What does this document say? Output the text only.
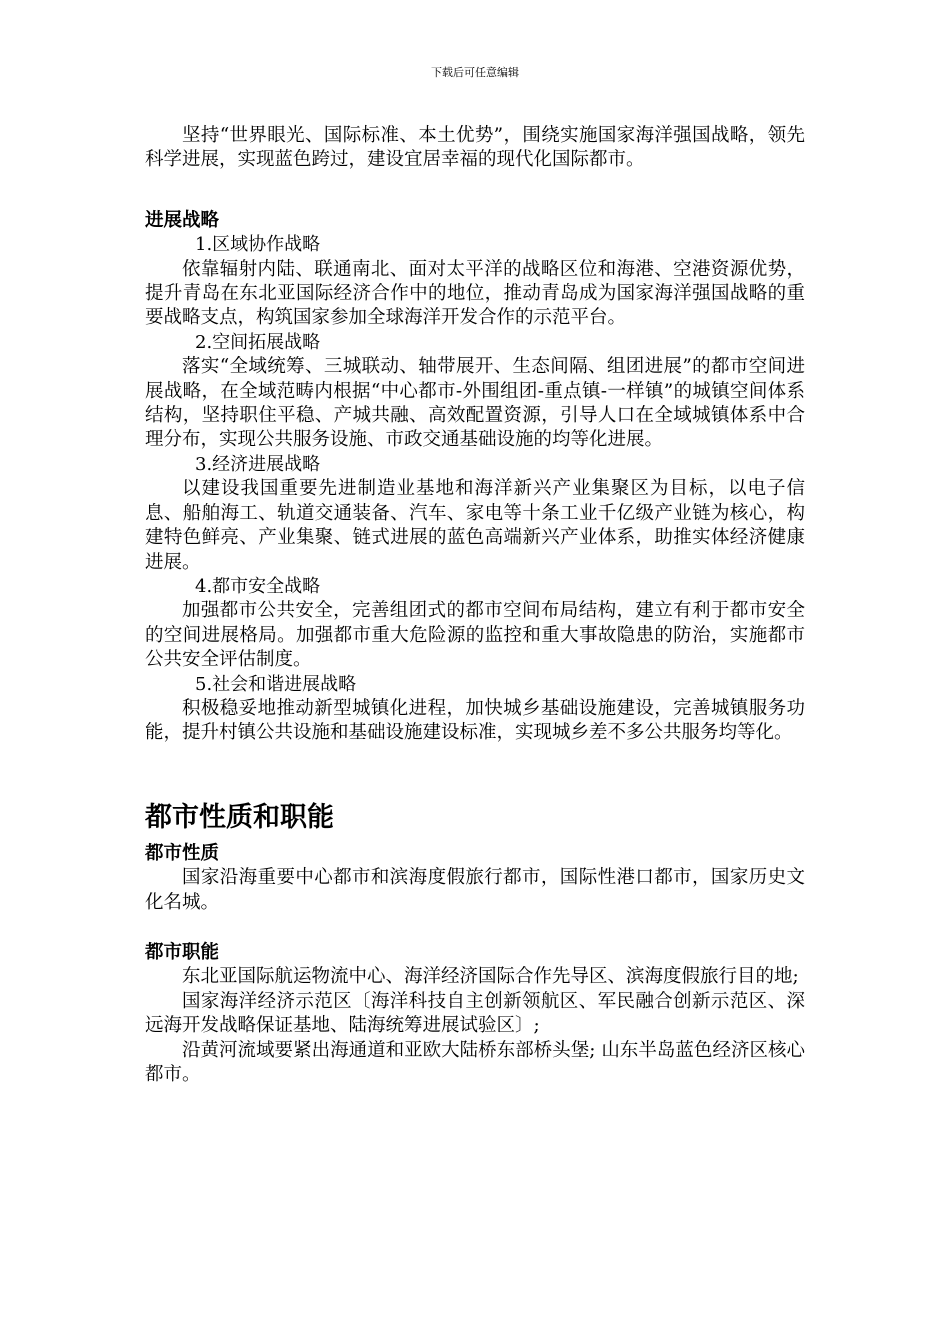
下载后可任意编辑

坚持“世界眼光、国际标准、本土优势”，围绕实施国家海洋强国战略，领先科学进展，实现蓝色跨过，建设宜居幸福的现代化国际都市。

进展战略

1.区域协作战略

依靠辐射内陆、联通南北、面对太平洋的战略区位和海港、空港资源优势，提升青岛在东北亚国际经济合作中的地位，推动青岛成为国家海洋强国战略的重要战略支点，构筑国家参加全球海洋开发合作的示范平台。

2.空间拓展战略

落实“全域统筹、三城联动、轴带展开、生态间隔、组团进展”的都市空间进展战略，在全域范畴内根据“中心都市-外围组团-重点镇-一样镇”的城镇空间体系结构，坚持职住平稳、产城共融、高效配置资源，引导人口在全域城镇体系中合理分布，实现公共服务设施、市政交通基础设施的均等化进展。

3.经济进展战略

以建设我国重要先进制造业基地和海洋新兴产业集聚区为目标，以电子信息、船舶海工、轨道交通装备、汽车、家电等十条工业千亿级产业链为核心，构建特色鲜亮、产业集聚、链式进展的蓝色高端新兴产业体系，助推实体经济健康进展。

4.都市安全战略

加强都市公共安全，完善组团式的都市空间布局结构，建立有利于都市安全的空间进展格局。加强都市重大危险源的监控和重大事故隐患的防治，实施都市公共安全评估制度。

5.社会和谐进展战略

积极稳妥地推动新型城镇化进程，加快城乡基础设施建设，完善城镇服务功能，提升村镇公共设施和基础设施建设标准，实现城乡差不多公共服务均等化。

都市性质和职能

都市性质

国家沿海重要中心都市和滨海度假旅行都市，国际性港口都市，国家历史文化名城。

都市职能

东北亚国际航运物流中心、海洋经济国际合作先导区、滨海度假旅行目的地;

国家海洋经济示范区〔海洋科技自主创新领航区、军民融合创新示范区、深远海开发战略保证基地、陆海统筹进展试验区〕;

沿黄河流域要紧出海通道和亚欧大陆桥东部桥头堡; 山东半岛蓝色经济区核心都市。
